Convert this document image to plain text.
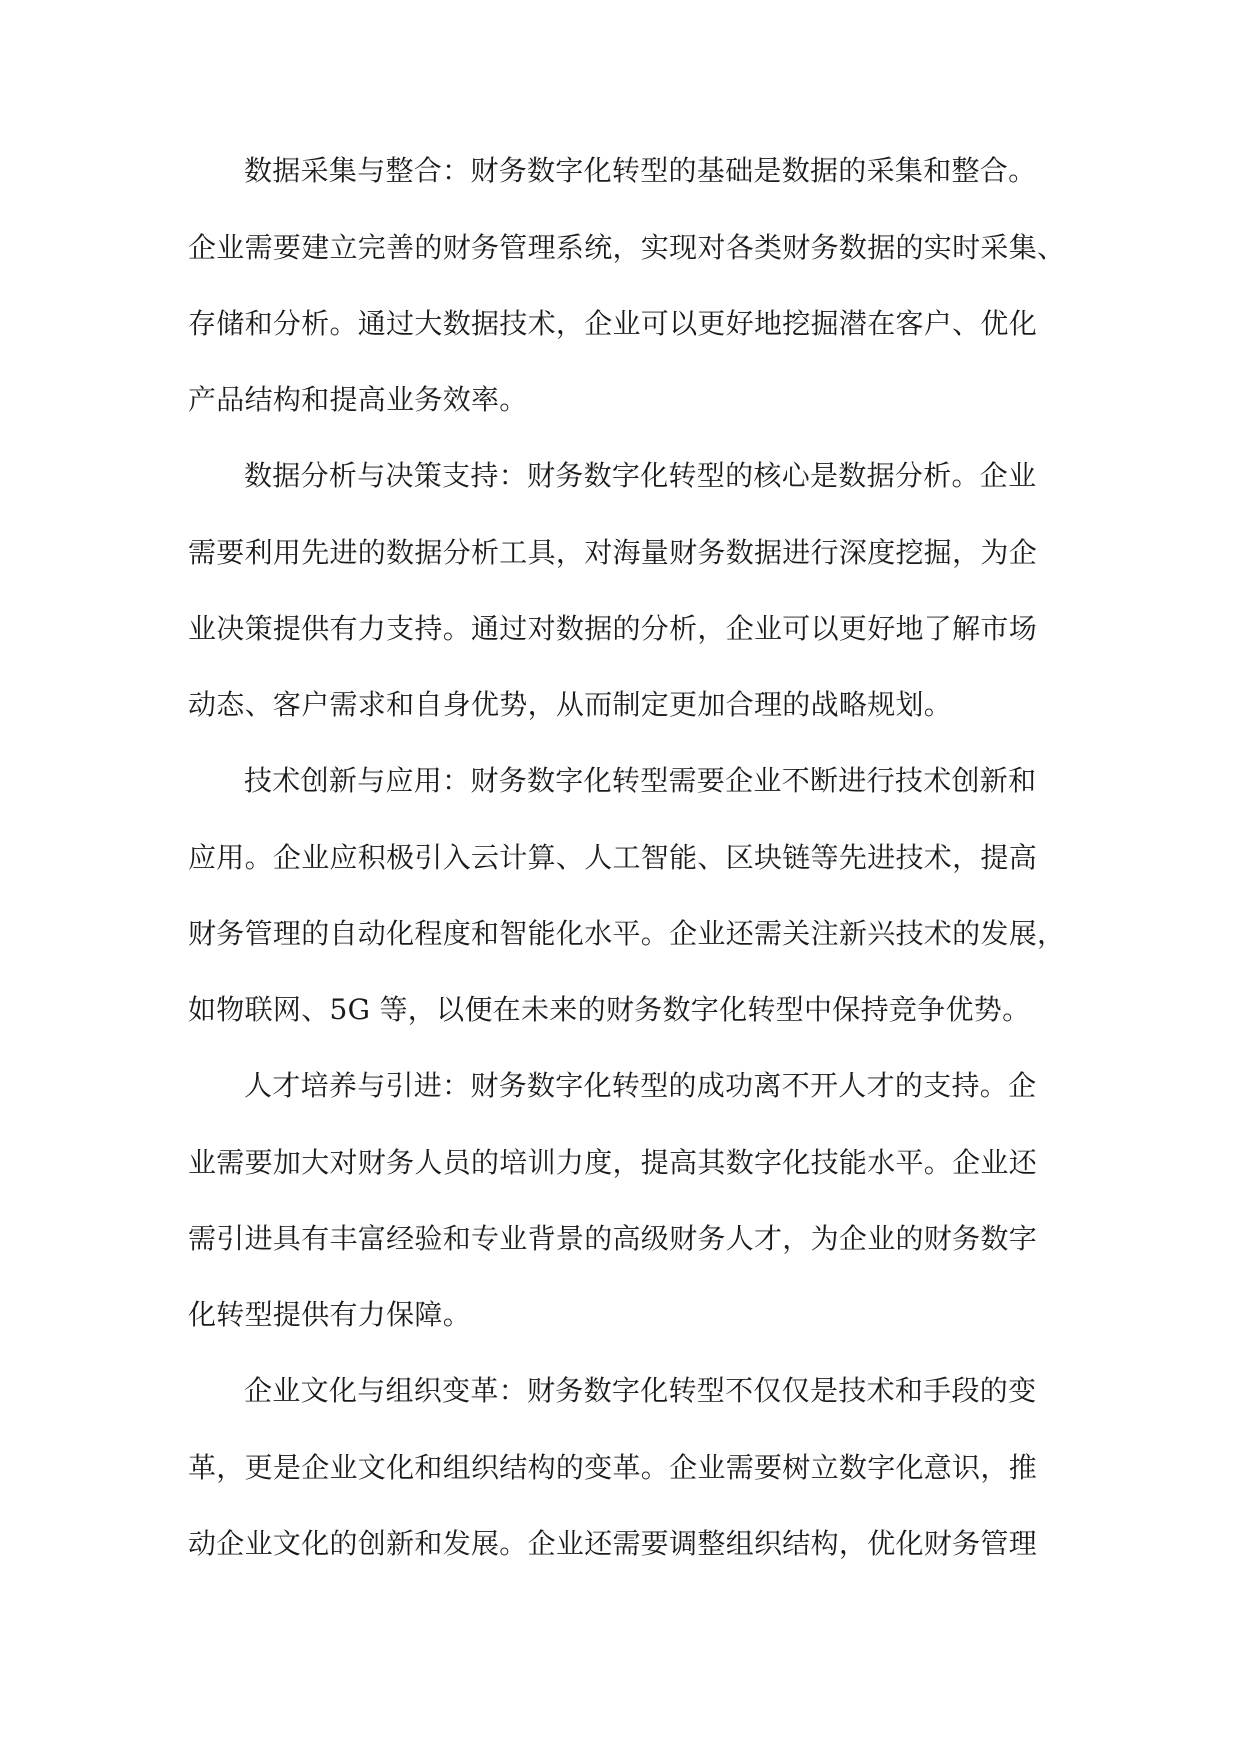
数据采集与整合：财务数字化转型的基础是数据的采集和整合。
企业需要建立完善的财务管理系统，实现对各类财务数据的实时采集、
存储和分析。通过大数据技术，企业可以更好地挖掘潜在客户、优化
产品结构和提高业务效率。
数据分析与决策支持：财务数字化转型的核心是数据分析。企业
需要利用先进的数据分析工具，对海量财务数据进行深度挖掘，为企
业决策提供有力支持。通过对数据的分析，企业可以更好地了解市场
动态、客户需求和自身优势，从而制定更加合理的战略规划。
技术创新与应用：财务数字化转型需要企业不断进行技术创新和
应用。企业应积极引入云计算、人工智能、区块链等先进技术，提高
财务管理的自动化程度和智能化水平。企业还需关注新兴技术的发展，
如物联网、5G 等，以便在未来的财务数字化转型中保持竞争优势。
人才培养与引进：财务数字化转型的成功离不开人才的支持。企
业需要加大对财务人员的培训力度，提高其数字化技能水平。企业还
需引进具有丰富经验和专业背景的高级财务人才，为企业的财务数字
化转型提供有力保障。
企业文化与组织变革：财务数字化转型不仅仅是技术和手段的变
革，更是企业文化和组织结构的变革。企业需要树立数字化意识，推
动企业文化的创新和发展。企业还需要调整组织结构，优化财务管理
